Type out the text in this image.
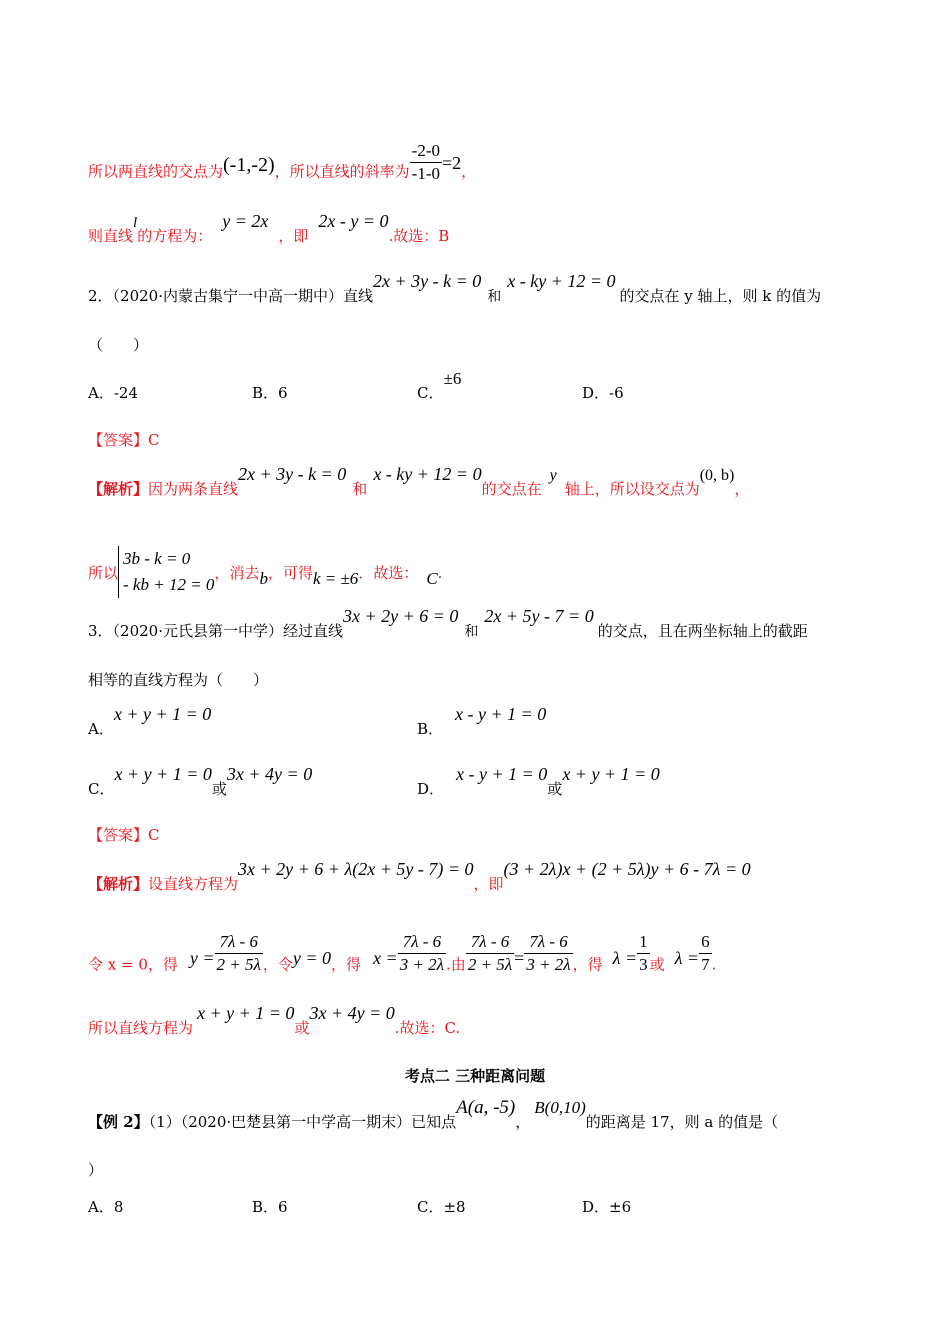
所以两直线的交点为(-1,-2)，所以直线的斜率为 $\frac{-2-0}{-1-0} =2$，
则直线l的方程为：y = 2x，即2x - y = 0.故选：B
2．（2020·内蒙古集宁一中高一期中）直线2x + 3y - k = 0和x - ky + 12 = 0的交点在 y 轴上，则 k 的值为
（　　）
A．-24	B．6	C．±6
D．-6
【答案】C
【解析】因为两条直线2x + 3y - k = 0和x - ky + 12 = 0的交点在y轴上，所以设交点为(0, b)，
所以
3b - k = 0
- kb + 12 = 0
，消去b，可得k = ±6．故选： C.
3．（2020·元氏县第一中学）经过直线3x + 2y + 6 = 0和2x + 5y - 7 = 0的交点，且在两坐标轴上的截距
相等的直线方程为（　　）
A．x + y + 1 = 0
B．x - y + 1 = 0
C．x + y + 1 = 0或3x + 4y = 0
D．x - y + 1 = 0或x + y + 1 = 0
【答案】C
【解析】设直线方程为3x + 2y + 6 + λ(2x + 5y - 7) = 0，即(3 + 2λ)x + (2 + 5λ)y + 6 - 7λ = 0
令 x = 0，得 $y = \frac{7\lambda - 6}{2 + 5\lambda}$ ，令y = 0，得 $x = \frac{7\lambda - 6}{3 + 2\lambda}$ .由 $\frac{7\lambda - 6}{2 + 5\lambda} = \frac{7\lambda - 6}{3 + 2\lambda}$ ，得 $\lambda = \frac{1}{3}$ 或 $\lambda = \frac{6}{7}$ .
所以直线方程为x + y + 1 = 0或3x + 4y = 0.故选：C.
考点二 三种距离问题
【例 2】（1）（2020·巴楚县第一中学高一期末）已知点A(a, -5)，B(0,10)的距离是 17，则 a 的值是（
）
A．8	B．6	C．±8	D．±6
